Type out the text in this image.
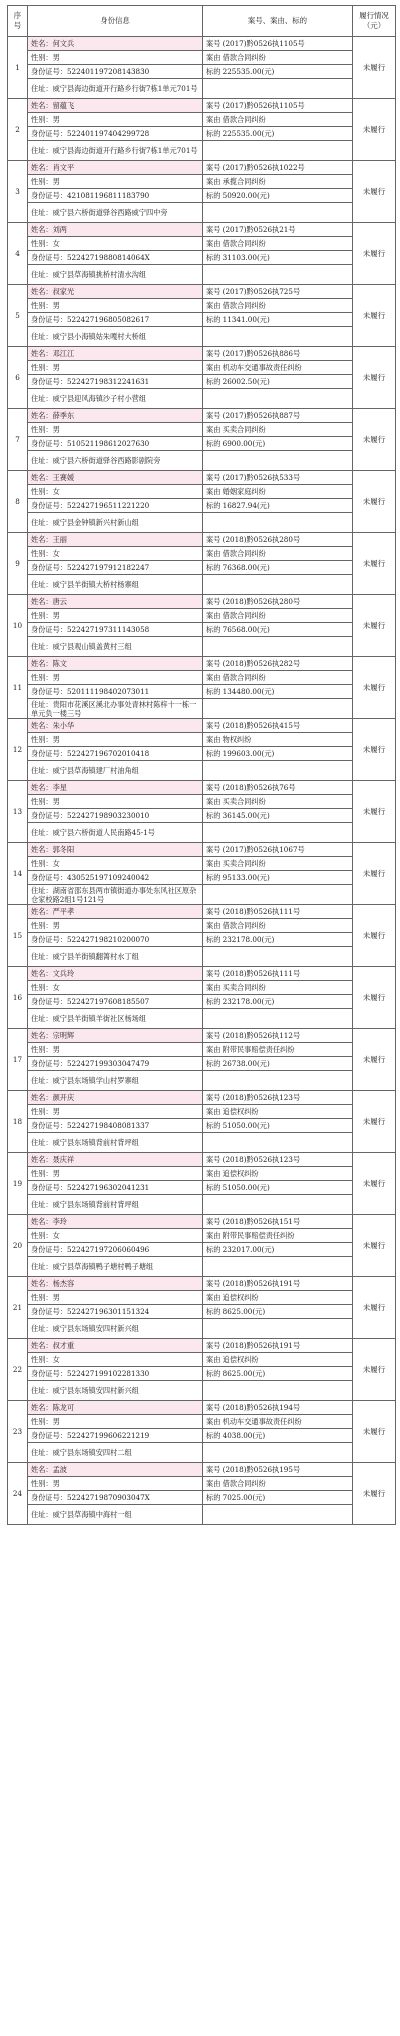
序号	身份信息	案号、案由、标的	履行情况（元）
1	姓名：何文兵	案号 (2017)黔0526执1105号	未履行
	性别：男	案由 借款合同纠纷	
	身份证号：522401197208143830	标的 225535.00(元)	
	住址：威宁县海边街道开行路乡行街7栋1单元701号		
2	姓名：留蕴飞	案号 (2017)黔0526执1105号	未履行
	性别：男	案由 借款合同纠纷	
	身份证号：522401197404299728	标的 225535.00(元)	
	住址：威宁县海边街道开行路乡行街7栋1单元701号		
3	姓名：肖文平	案号 (2017)黔0526执1022号	未履行
	性别：男	案由 承揽合同纠纷	
	身份证号：421081196811183790	标的 50920.00(元)	
	住址：威宁县六桥街道驿谷西路威宁四中旁		
4	姓名：刘两	案号 (2017)黔0526执21号	未履行
	性别：女	案由 借款合同纠纷	
	身份证号：52242719880814064X	标的 31103.00(元)	
	住址：威宁县草海镇挑桥村清水沟组		
5	姓名：叔家光	案号 (2017)黔0526执725号	未履行
	性别：男	案由 借款合同纠纷	
	身份证号：522427196805082617	标的 11341.00(元)	
	住址：威宁县小海镇姑朱嘎村大桥组		
6	姓名：邓江江	案号 (2017)黔0526执886号	未履行
	性别：男	案由 机动车交通事故责任纠纷	
	身份证号：522427198312241631	标的 26002.50(元)	
	住址：威宁县迎风海镇沙子村小营组		
7	姓名：薛季东	案号 (2017)黔0526执887号	未履行
	性别：男	案由 买卖合同纠纷	
	身份证号：510521198612027630	标的 6900.00(元)	
	住址：威宁县六桥街道驿谷西路影剧院旁		
8	姓名：王赛媛	案号 (2017)黔0526执533号	未履行
	性别：女	案由 婚姻家庭纠纷	
	身份证号：522427196511221220	标的 16827.94(元)	
	住址：威宁县金钟镇新兴村新山组		
9	姓名：王丽	案号 (2018)黔0526执280号	未履行
	性别：女	案由 借款合同纠纷	
	身份证号：522427197912182247	标的 76368.00(元)	
	住址：威宁县羊街镇大桥村杨寨组		
10	姓名：唐云	案号 (2018)黔0526执280号	未履行
	性别：男	案由 借款合同纠纷	
	身份证号：522427197311143058	标的 76568.00(元)	
	住址：威宁县观山镇盖黄村三组		
11	姓名：陈文	案号 (2018)黔0526执282号	未履行
	性别：男	案由 借款合同纠纷	
	身份证号：520111198402073011	标的 134480.00(元)	
	住址：贵阳市花溪区溪北办事处青林村陈梓十一栋一单元负一楼三号		
12	姓名：朱小华	案号 (2018)黔0526执415号	未履行
	性别：男	案由 物权纠纷	
	身份证号：522427196702010418	标的 199603.00(元)	
	住址：威宁县草海镇建厂村油角组		
13	姓名：李星	案号 (2018)黔0526执76号	未履行
	性别：男	案由 买卖合同纠纷	
	身份证号：522427198903230010	标的 36145.00(元)	
	住址：威宁县六桥街道人民南路45-1号		
14	姓名：郭冬阳	案号 (2017)黔0526执1067号	未履行
	性别：女	案由 买卖合同纠纷	
	身份证号：430525197109240042	标的 95133.00(元)	
	住址：湖南省邵东县两市镇街道办事处东风社区原杂仓家校路2组1号121号		
15	姓名：严平孝	案号 (2018)黔0526执111号	未履行
	性别：男	案由 借款合同纠纷	
	身份证号：522427198210200070	标的 232178.00(元)	
	住址：威宁县羊街镇翻箐村水丁组		
16	姓名：文兵玲	案号 (2018)黔0526执111号	未履行
	性别：女	案由 买卖合同纠纷	
	身份证号：522427197608185507	标的 232178.00(元)	
	住址：威宁县羊街镇羊街社区杨场组		
17	姓名：宗明辉	案号 (2018)黔0526执112号	未履行
	性别：男	案由 附带民事赔偿责任纠纷	
	身份证号：522427199303047479	标的 26738.00(元)	
	住址：威宁县东场镇学山村罗寨组		
18	姓名：颜开庆	案号 (2018)黔0526执123号	未履行
	性别：男	案由 追偿权纠纷	
	身份证号：522427198408081337	标的 51050.00(元)	
	住址：威宁县东场镇背前村背坪组		
19	姓名：聂庆祥	案号 (2018)黔0526执123号	未履行
	性别：男	案由 追偿权纠纷	
	身份证号：522427196302041231	标的 51050.00(元)	
	住址：威宁县东场镇背前村背坪组		
20	姓名：李玲	案号 (2018)黔0526执151号	未履行
	性别：女	案由 附带民事赔偿责任纠纷	
	身份证号：522427197206060496	标的 232017.00(元)	
	住址：威宁县草海镇鸭子塘村鸭子塘组		
21	姓名：杨杰容	案号 (2018)黔0526执191号	未履行
	性别：男	案由 追偿权纠纷	
	身份证号：522427196301151324	标的 8625.00(元)	
	住址：威宁县东场镇安四村新兴组		
22	姓名：叔才重	案号 (2018)黔0526执191号	未履行
	性别：女	案由 追偿权纠纷	
	身份证号：522427199102281330	标的 8625.00(元)	
	住址：威宁县东场镇安四村新兴组		
23	姓名：陈龙可	案号 (2018)黔0526执194号	未履行
	性别：男	案由 机动车交通事故责任纠纷	
	身份证号：522427199606221219	标的 4038.00(元)	
	住址：威宁县东场镇安四村二组		
24	姓名：孟波	案号 (2018)黔0526执195号	未履行
	性别：男	案由 借款合同纠纷	
	身份证号：52242719870903047X	标的 7025.00(元)	
	住址：威宁县草海镇中海村一组		
